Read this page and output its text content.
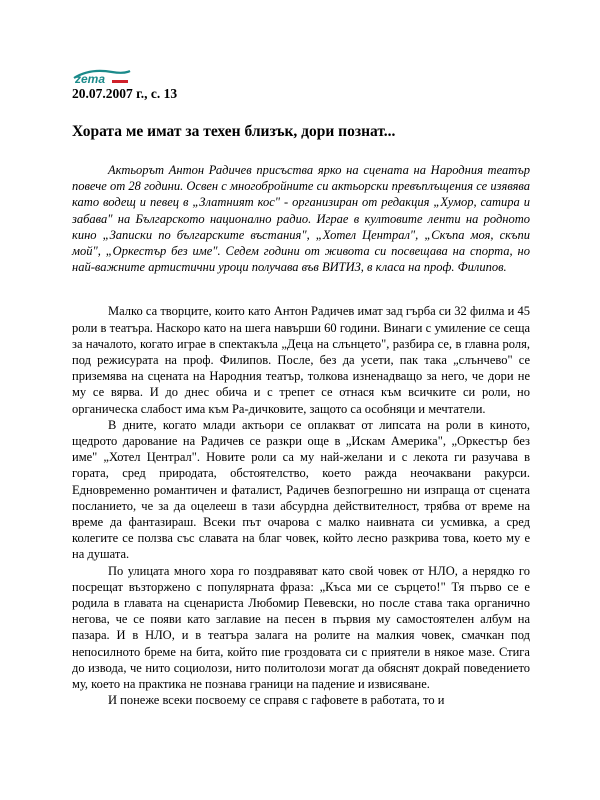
zema
20.07.2007 г., с. 13
Хората ме имат за техен близък, дори познат...
Актьорът Антон Радичев присъства ярко на сцената на Народния театър повече от 28 години. Освен с многобройните си актьорски превъплъщения се изявява като водещ и певец в „Златният кос" - организиран от редакция „Хумор, сатира и забава" на Българското национално радио. Играе в култовите ленти на родното кино „Записки по българските въстания", „Хотел Централ", „Скъпа моя, скъпи мой", „Оркестър без име". Седем години от живота си посвещава на спорта, но най-важните артистични уроци получава във ВИТИЗ, в класа на проф. Филипов.

Малко са творците, които като Антон Радичев имат зад гърба си 32 филма и 45 роли в театъра. Наскоро като на шега навърши 60 години. Винаги с умиление се сеща за началото, когато играе в спектакъла „Деца на слънцето", разбира се, в главна роля, под режисурата на проф. Филипов. После, без да усети, пак така „слънчево" се приземява на сцената на Народния театър, толкова изненадващо за него, че дори не му се вярва. И до днес обича и с трепет се отнася към всичките си роли, но органическа слабост има към Ра-дичковите, защото са особняци и мечтатели.

В дните, когато млади актьори се оплакват от липсата на роли в киното, щедрото дарование на Радичев се разкри още в „Искам Америка", „Оркестър без име" „Хотел Централ". Новите роли са му най-желани и с лекота ги разучава в гората, сред природата, обстоятелство, което ражда неочаквани ракурси. Едновременно романтичен и фаталист, Радичев безпогрешно ни изпраща от сцената посланието, че за да оцелееш в тази абсурдна действителност, трябва от време на време да фантазираш. Всеки път очарова с малко наивната си усмивка, а сред колегите се ползва със славата на благ човек, който лесно разкрива това, което му е на душата.

По улицата много хора го поздравяват като свой човек от НЛО, а нерядко го посрещат възторжено с популярната фраза: „Къса ми се сърцето!" Тя първо се е родила в главата на сценариста Любомир Певевски, но после става така органично негова, че се появи като заглавие на песен в първия му самостоятелен албум на пазара. И в НЛО, и в театъра залага на ролите на малкия човек, смачкан под непосилното бреме на бита, който пие гроздовата си с приятели в някое мазе. Стига до извода, че нито социолози, нито политолози могат да обяснят докрай поведението му, което на практика не познава граници на падение и извисяване.

И понеже всеки посвоему се справя с гафовете в работата, то и
